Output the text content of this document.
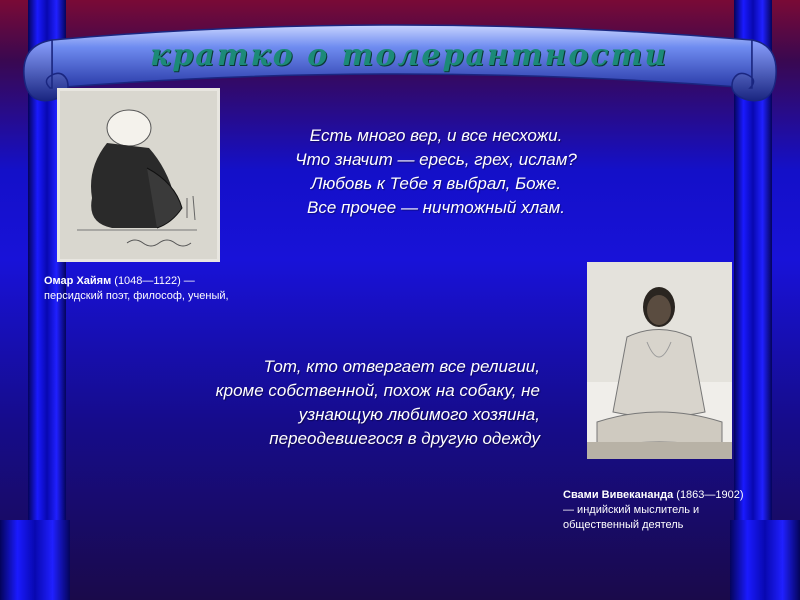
кратко о толерантности
Есть много вер, и все несхожи.
Что значит — ересь, грех, ислам?
Любовь к Тебе я выбрал, Боже.
Все прочее — ничтожный хлам.
Омар Хайям (1048—1122) — персидский поэт, философ, ученый,
Тот, кто отвергает все религии,
кроме собственной, похож на собаку, не
узнающую любимого хозяина,
переодевшегося в другую одежду
Свами Вивекананда (1863—1902) — индийский мыслитель и общественный деятель
